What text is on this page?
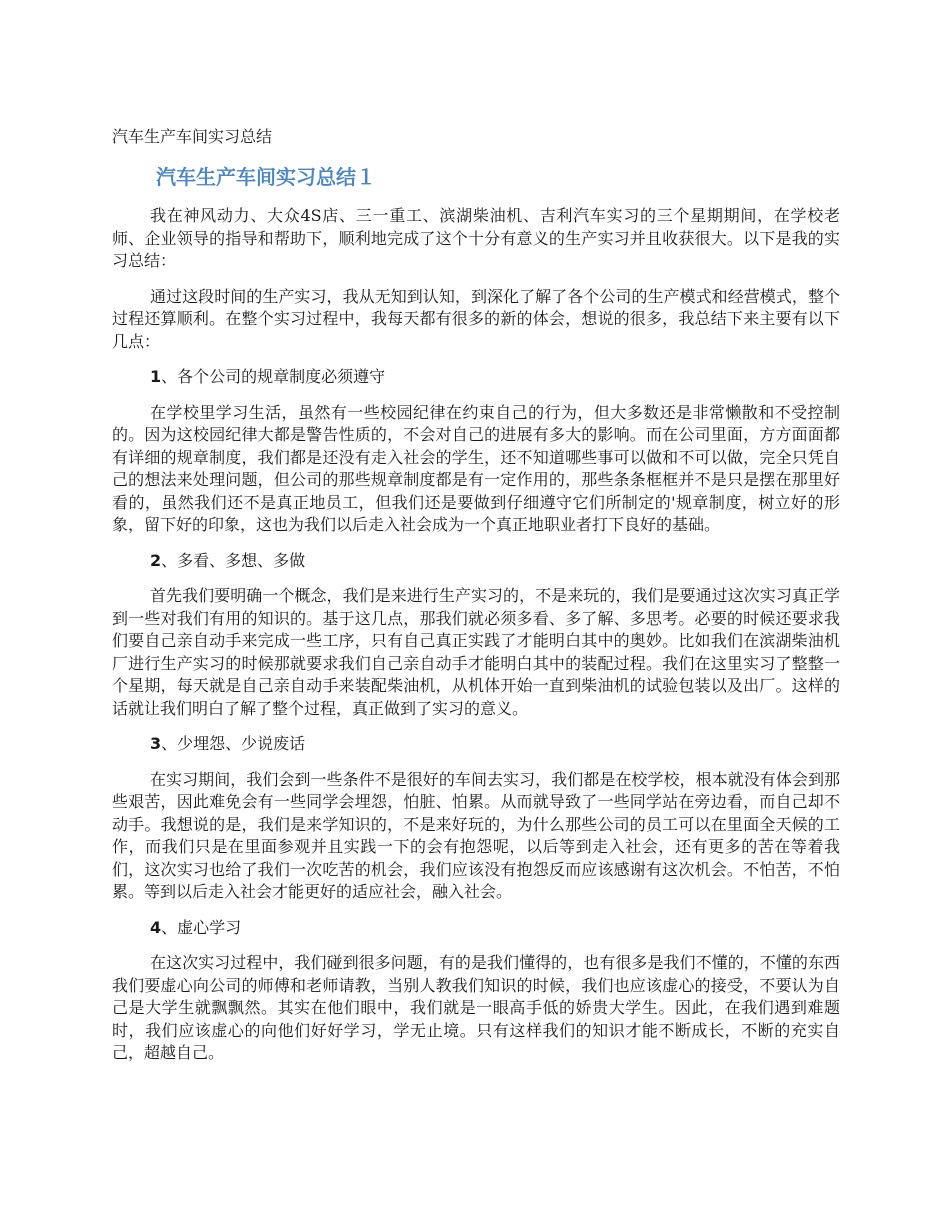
汽车生产车间实习总结

汽车生产车间实习总结１

我在神风动力、大众4S店、三一重工、滨湖柴油机、吉利汽车实习的三个星期期间，在学校老师、企业领导的指导和帮助下，顺利地完成了这个十分有意义的生产实习并且收获很大。以下是我的实习总结：

通过这段时间的生产实习，我从无知到认知，到深化了解了各个公司的生产模式和经营模式，整个过程还算顺利。在整个实习过程中，我每天都有很多的新的体会，想说的很多，我总结下来主要有以下几点：

1、各个公司的规章制度必须遵守

在学校里学习生活，虽然有一些校园纪律在约束自己的行为，但大多数还是非常懒散和不受控制的。因为这校园纪律大都是警告性质的，不会对自己的进展有多大的影响。而在公司里面，方方面面都有详细的规章制度，我们都是还没有走入社会的学生，还不知道哪些事可以做和不可以做，完全只凭自己的想法来处理问题，但公司的那些规章制度都是有一定作用的，那些条条框框并不是只是摆在那里好看的，虽然我们还不是真正地员工，但我们还是要做到仔细遵守它们所制定的'规章制度，树立好的形象，留下好的印象，这也为我们以后走入社会成为一个真正地职业者打下良好的基础。

2、多看、多想、多做

首先我们要明确一个概念，我们是来进行生产实习的，不是来玩的，我们是要通过这次实习真正学到一些对我们有用的知识的。基于这几点，那我们就必须多看、多了解、多思考。必要的时候还要求我们要自己亲自动手来完成一些工序，只有自己真正实践了才能明白其中的奥妙。比如我们在滨湖柴油机厂进行生产实习的时候那就要求我们自己亲自动手才能明白其中的装配过程。我们在这里实习了整整一个星期，每天就是自己亲自动手来装配柴油机，从机体开始一直到柴油机的试验包装以及出厂。这样的话就让我们明白了解了整个过程，真正做到了实习的意义。

3、少埋怨、少说废话

在实习期间，我们会到一些条件不是很好的车间去实习，我们都是在校学校，根本就没有体会到那些艰苦，因此难免会有一些同学会埋怨，怕脏、怕累。从而就导致了一些同学站在旁边看，而自己却不动手。我想说的是，我们是来学知识的，不是来好玩的，为什么那些公司的员工可以在里面全天候的工作，而我们只是在里面参观并且实践一下的会有抱怨呢，以后等到走入社会，还有更多的苦在等着我们，这次实习也给了我们一次吃苦的机会，我们应该没有抱怨反而应该感谢有这次机会。不怕苦，不怕累。等到以后走入社会才能更好的适应社会，融入社会。

4、虚心学习

在这次实习过程中，我们碰到很多问题，有的是我们懂得的，也有很多是我们不懂的，不懂的东西我们要虚心向公司的师傅和老师请教，当别人教我们知识的时候，我们也应该虚心的接受，不要认为自己是大学生就飘飘然。其实在他们眼中，我们就是一眼高手低的娇贵大学生。因此，在我们遇到难题时，我们应该虚心的向他们好好学习，学无止境。只有这样我们的知识才能不断成长，不断的充实自己，超越自己。
